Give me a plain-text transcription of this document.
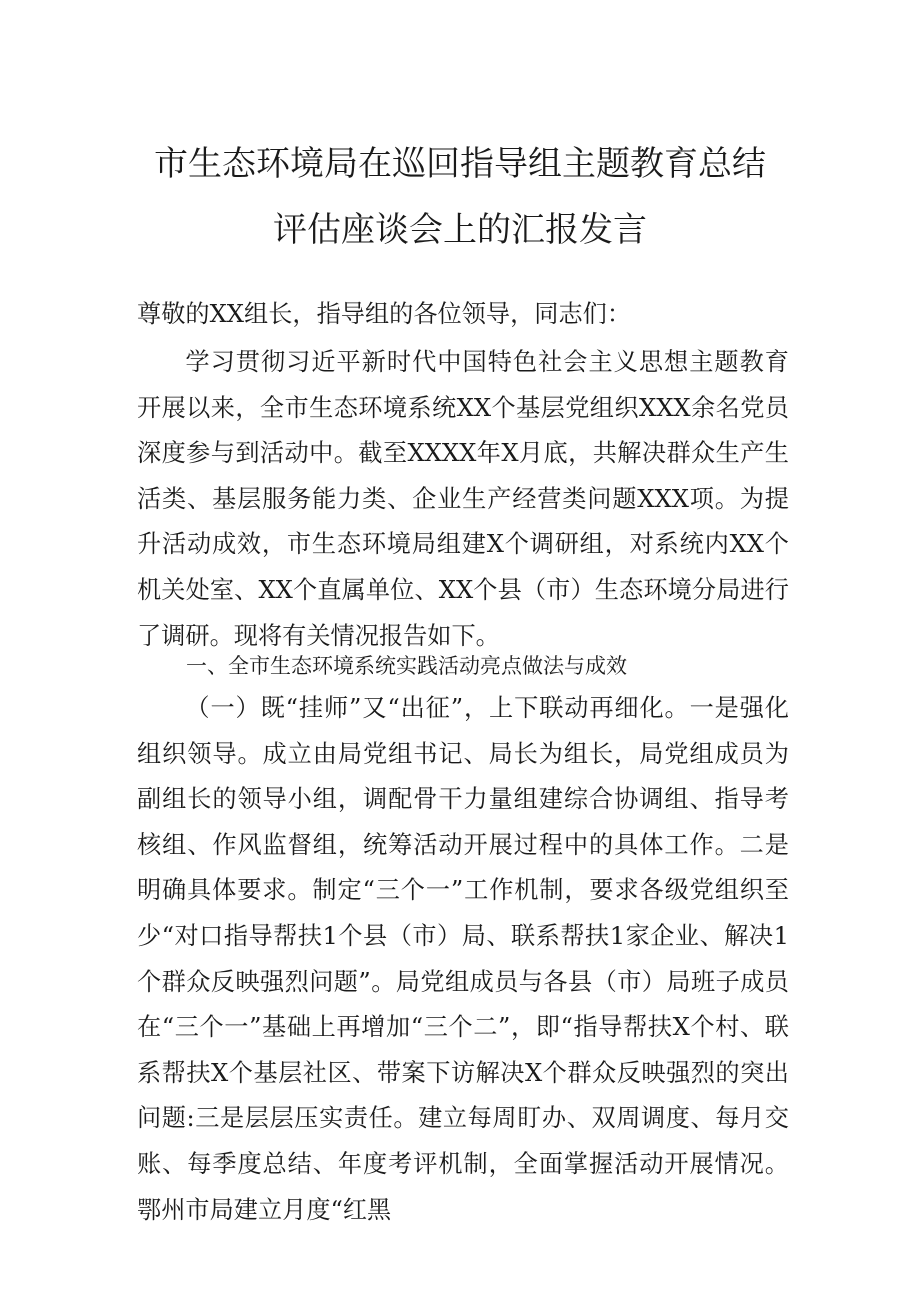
市生态环境局在巡回指导组主题教育总结
评估座谈会上的汇报发言
尊敬的XX组长，指导组的各位领导，同志们：

学习贯彻习近平新时代中国特色社会主义思想主题教育开展以来，全市生态环境系统XX个基层党组织XXX余名党员深度参与到活动中。截至XXXX年X月底，共解决群众生产生活类、基层服务能力类、企业生产经营类问题XXX项。为提升活动成效，市生态环境局组建X个调研组，对系统内XX个机关处室、XX个直属单位、XX个县（市）生态环境分局进行了调研。现将有关情况报告如下。

一、全市生态环境系统实践活动亮点做法与成效

（一）既“挂师”又“出征”，上下联动再细化。一是强化组织领导。成立由局党组书记、局长为组长，局党组成员为副组长的领导小组，调配骨干力量组建综合协调组、指导考核组、作风监督组，统筹活动开展过程中的具体工作。二是明确具体要求。制定“三个一”工作机制，要求各级党组织至少“对口指导帮扶1个县（市）局、联系帮扶1家企业、解决1个群众反映强烈问题”。局党组成员与各县（市）局班子成员在“三个一”基础上再增加“三个二”，即“指导帮扶X个村、联系帮扶X个基层社区、带案下访解决X个群众反映强烈的突出问题:三是层层压实责任。建立每周盯办、双周调度、每月交账、每季度总结、年度考评机制，全面掌握活动开展情况。鄂州市局建立月度“红黑
